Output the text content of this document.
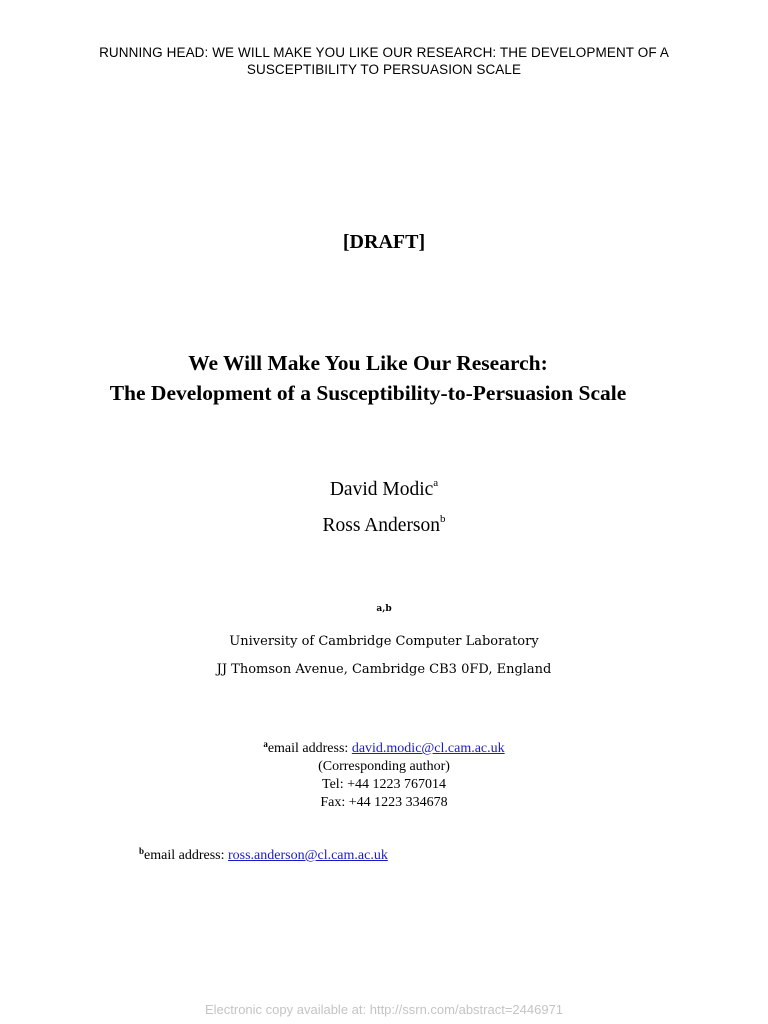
RUNNING HEAD: WE WILL MAKE YOU LIKE OUR RESEARCH: THE DEVELOPMENT OF A
SUSCEPTIBILITY TO PERSUASION SCALE
[DRAFT]
We Will Make You Like Our Research:
The Development of a Susceptibility-to-Persuasion Scale
David Modic$^a$
Ross Anderson$^b$
$^{a,b}$
University of Cambridge Computer Laboratory
JJ Thomson Avenue, Cambridge CB3 0FD, England
$^a$email address: david.modic@cl.cam.ac.uk
(Corresponding author)
Tel: +44 1223 767014
Fax: +44 1223 334678
$^b$email address: ross.anderson@cl.cam.ac.uk
Electronic copy available at: http://ssrn.com/abstract=2446971
